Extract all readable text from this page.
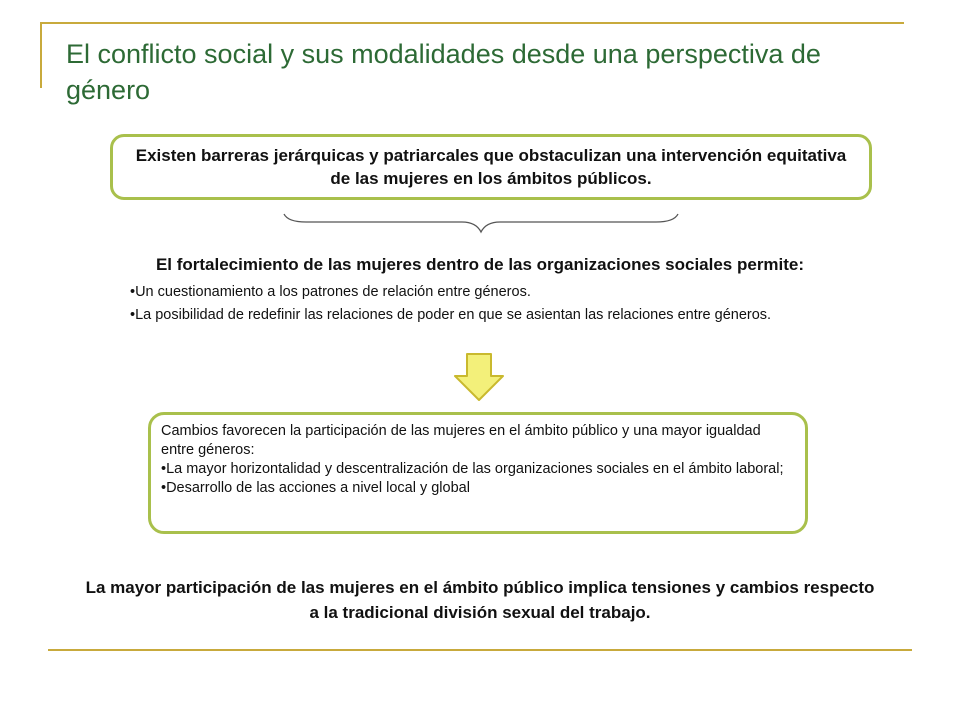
El conflicto social y sus modalidades desde una perspectiva de género
Existen barreras jerárquicas y patriarcales que obstaculizan una intervención equitativa de las mujeres en los ámbitos públicos.

El fortalecimiento de las mujeres dentro de las organizaciones sociales permite:

•Un cuestionamiento a los patrones de relación entre géneros.
•La posibilidad de redefinir las relaciones de poder en que se asientan las relaciones entre géneros.

Cambios favorecen la participación de las mujeres en el ámbito público y una mayor igualdad entre géneros:

•La mayor horizontalidad y descentralización de las organizaciones sociales en el ámbito laboral;

•Desarrollo de las acciones a nivel local y global

La mayor participación de las mujeres en el ámbito público implica tensiones y cambios respecto a la tradicional división sexual del trabajo.
